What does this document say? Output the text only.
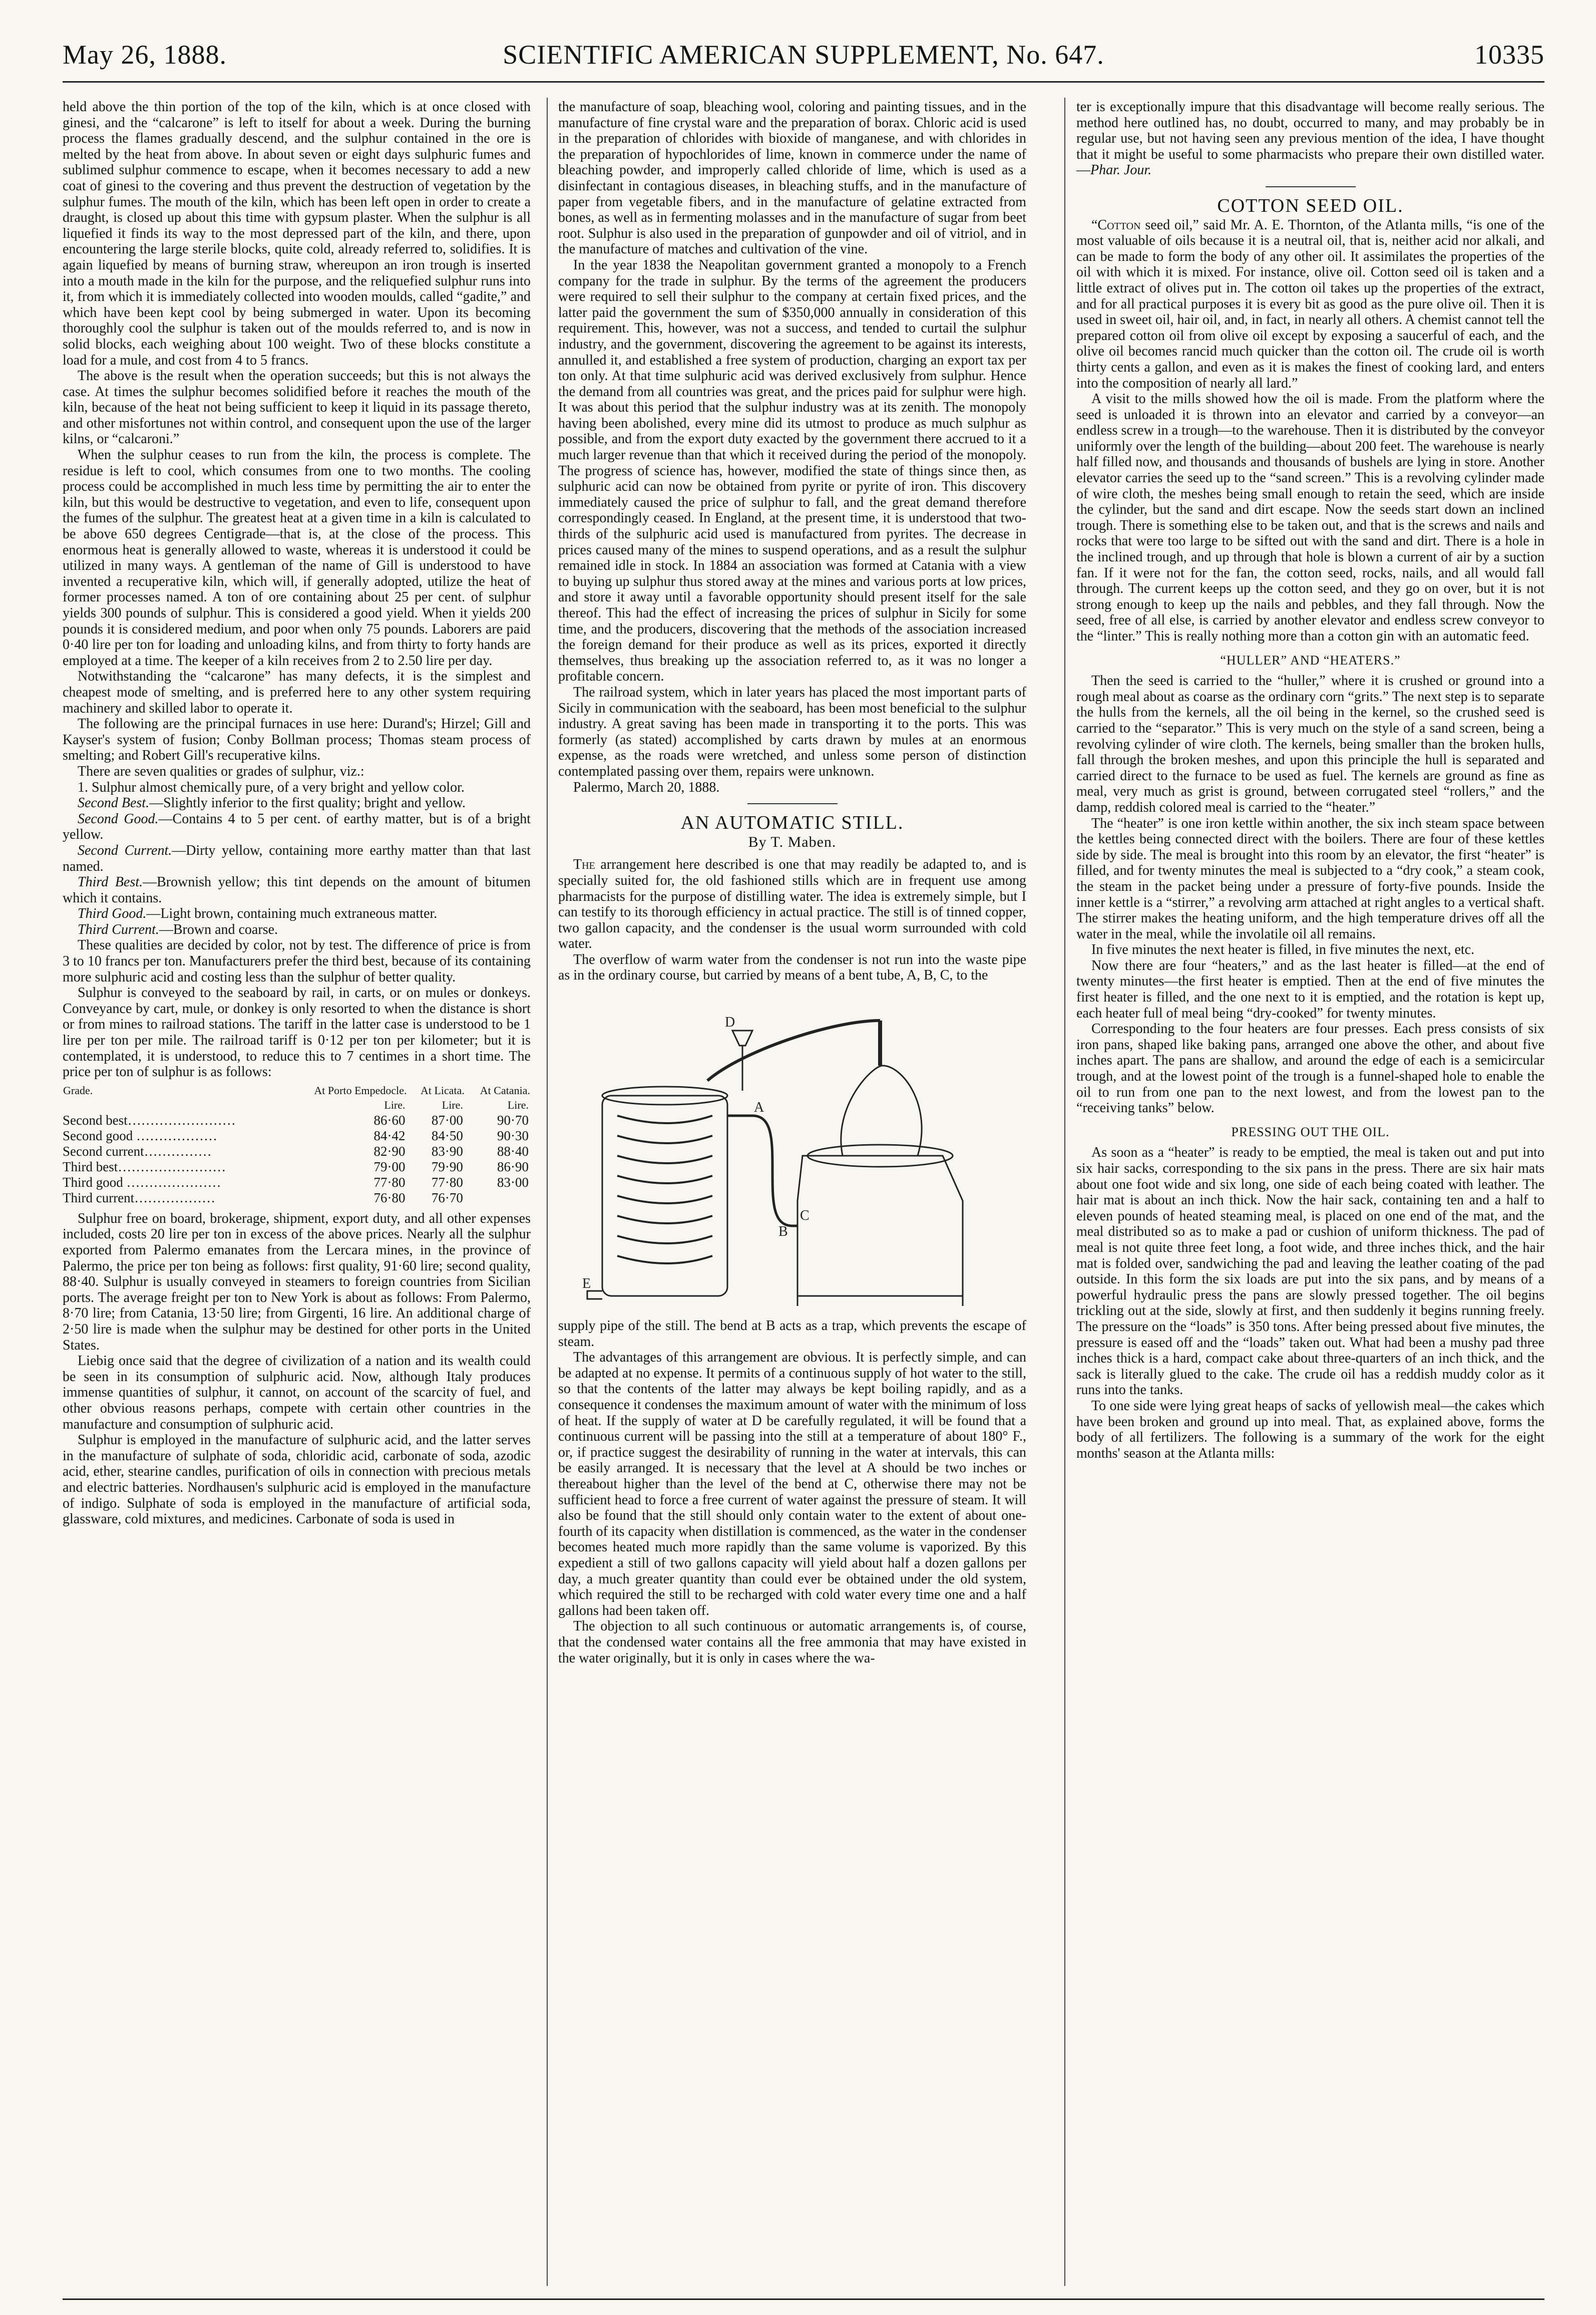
May 26, 1888.	SCIENTIFIC AMERICAN SUPPLEMENT, No. 647.	10335

held above the thin portion of the top of the kiln, which is at once closed with ginesi, and the “calcarone” is left to itself for about a week. During the burning process the flames gradually descend, and the sulphur contained in the ore is melted by the heat from above. In about seven or eight days sulphuric fumes and sublimed sulphur commence to escape, when it becomes necessary to add a new coat of ginesi to the covering and thus prevent the destruction of vegetation by the sulphur fumes. The mouth of the kiln, which has been left open in order to create a draught, is closed up about this time with gypsum plaster. When the sulphur is all liquefied it finds its way to the most depressed part of the kiln, and there, upon encountering the large sterile blocks, quite cold, already referred to, solidifies. It is again liquefied by means of burning straw, whereupon an iron trough is inserted into a mouth made in the kiln for the purpose, and the reliquefied sulphur runs into it, from which it is immediately collected into wooden moulds, called “gadite,” and which have been kept cool by being submerged in water. Upon its becoming thoroughly cool the sulphur is taken out of the moulds referred to, and is now in solid blocks, each weighing about 100 weight. Two of these blocks constitute a load for a mule, and cost from 4 to 5 francs.

The above is the result when the operation succeeds; but this is not always the case. At times the sulphur becomes solidified before it reaches the mouth of the kiln, because of the heat not being sufficient to keep it liquid in its passage thereto, and other misfortunes not within control, and consequent upon the use of the larger kilns, or “calcaroni.”

When the sulphur ceases to run from the kiln, the process is complete. The residue is left to cool, which consumes from one to two months. The cooling process could be accomplished in much less time by permitting the air to enter the kiln, but this would be destructive to vegetation, and even to life, consequent upon the fumes of the sulphur. The greatest heat at a given time in a kiln is calculated to be above 650 degrees Centigrade—that is, at the close of the process. This enormous heat is generally allowed to waste, whereas it is understood it could be utilized in many ways. A gentleman of the name of Gill is understood to have invented a recuperative kiln, which will, if generally adopted, utilize the heat of former processes named. A ton of ore containing about 25 per cent. of sulphur yields 300 pounds of sulphur. This is considered a good yield. When it yields 200 pounds it is considered medium, and poor when only 75 pounds. Laborers are paid 0·40 lire per ton for loading and unloading kilns, and from thirty to forty hands are employed at a time. The keeper of a kiln receives from 2 to 2.50 lire per day.

Notwithstanding the “calcarone” has many defects, it is the simplest and cheapest mode of smelting, and is preferred here to any other system requiring machinery and skilled labor to operate it.

The following are the principal furnaces in use here: Durand's; Hirzel; Gill and Kayser's system of fusion; Conby Bollman process; Thomas steam process of smelting; and Robert Gill's recuperative kilns.

There are seven qualities or grades of sulphur, viz.:

1. Sulphur almost chemically pure, of a very bright and yellow color.

Second Best.—Slightly inferior to the first quality; bright and yellow.

Second Good.—Contains 4 to 5 per cent. of earthy matter, but is of a bright yellow.

Second Current.—Dirty yellow, containing more earthy matter than that last named.

Third Best.—Brownish yellow; this tint depends on the amount of bitumen which it contains.

Third Good.—Light brown, containing much extraneous matter.

Third Current.—Brown and coarse.

These qualities are decided by color, not by test. The difference of price is from 3 to 10 francs per ton. Manufacturers prefer the third best, because of its containing more sulphuric acid and costing less than the sulphur of better quality.

Sulphur is conveyed to the seaboard by rail, in carts, or on mules or donkeys. Conveyance by cart, mule, or donkey is only resorted to when the distance is short or from mines to railroad stations. The tariff in the latter case is understood to be 1 lire per ton per mile. The railroad tariff is 0·12 per ton per kilometer; but it is contemplated, it is understood, to reduce this to 7 centimes in a short time. The price per ton of sulphur is as follows:

Grade.	At Porto Empedocle.	At Licata.	At Catania.
	Lire.	Lire.	Lire.
Second best……………………	86·60	87·00	90·70
Second good ………………	84·42	84·50	90·30
Second current……………	82·90	83·90	88·40
Third best……………………	79·00	79·90	86·90
Third good …………………	77·80	77·80	83·00
Third current………………	76·80	76·70	

Sulphur free on board, brokerage, shipment, export duty, and all other expenses included, costs 20 lire per ton in excess of the above prices. Nearly all the sulphur exported from Palermo emanates from the Lercara mines, in the province of Palermo, the price per ton being as follows: first quality, 91·60 lire; second quality, 88·40. Sulphur is usually conveyed in steamers to foreign countries from Sicilian ports. The average freight per ton to New York is about as follows: From Palermo, 8·70 lire; from Catania, 13·50 lire; from Girgenti, 16 lire. An additional charge of 2·50 lire is made when the sulphur may be destined for other ports in the United States.

Liebig once said that the degree of civilization of a nation and its wealth could be seen in its consumption of sulphuric acid. Now, although Italy produces immense quantities of sulphur, it cannot, on account of the scarcity of fuel, and other obvious reasons perhaps, compete with certain other countries in the manufacture and consumption of sulphuric acid.

Sulphur is employed in the manufacture of sulphuric acid, and the latter serves in the manufacture of sulphate of soda, chloridic acid, carbonate of soda, azodic acid, ether, stearine candles, purification of oils in connection with precious metals and electric batteries. Nordhausen's sulphuric acid is employed in the manufacture of indigo. Sulphate of soda is employed in the manufacture of artificial soda, glassware, cold mixtures, and medicines. Carbonate of soda is used in

the manufacture of soap, bleaching wool, coloring and painting tissues, and in the manufacture of fine crystal ware and the preparation of borax. Chloric acid is used in the preparation of chlorides with bioxide of manganese, and with chlorides in the preparation of hypochlorides of lime, known in commerce under the name of bleaching powder, and improperly called chloride of lime, which is used as a disinfectant in contagious diseases, in bleaching stuffs, and in the manufacture of paper from vegetable fibers, and in the manufacture of gelatine extracted from bones, as well as in fermenting molasses and in the manufacture of sugar from beet root. Sulphur is also used in the preparation of gunpowder and oil of vitriol, and in the manufacture of matches and cultivation of the vine.

In the year 1838 the Neapolitan government granted a monopoly to a French company for the trade in sulphur. By the terms of the agreement the producers were required to sell their sulphur to the company at certain fixed prices, and the latter paid the government the sum of $350,000 annually in consideration of this requirement. This, however, was not a success, and tended to curtail the sulphur industry, and the government, discovering the agreement to be against its interests, annulled it, and established a free system of production, charging an export tax per ton only. At that time sulphuric acid was derived exclusively from sulphur. Hence the demand from all countries was great, and the prices paid for sulphur were high. It was about this period that the sulphur industry was at its zenith. The monopoly having been abolished, every mine did its utmost to produce as much sulphur as possible, and from the export duty exacted by the government there accrued to it a much larger revenue than that which it received during the period of the monopoly. The progress of science has, however, modified the state of things since then, as sulphuric acid can now be obtained from pyrite or pyrite of iron. This discovery immediately caused the price of sulphur to fall, and the great demand therefore correspondingly ceased. In England, at the present time, it is understood that two-thirds of the sulphuric acid used is manufactured from pyrites. The decrease in prices caused many of the mines to suspend operations, and as a result the sulphur remained idle in stock. In 1884 an association was formed at Catania with a view to buying up sulphur thus stored away at the mines and various ports at low prices, and store it away until a favorable opportunity should present itself for the sale thereof. This had the effect of increasing the prices of sulphur in Sicily for some time, and the producers, discovering that the methods of the association increased the foreign demand for their produce as well as its prices, exported it directly themselves, thus breaking up the association referred to, as it was no longer a profitable concern.

The railroad system, which in later years has placed the most important parts of Sicily in communication with the seaboard, has been most beneficial to the sulphur industry. A great saving has been made in transporting it to the ports. This was formerly (as stated) accomplished by carts drawn by mules at an enormous expense, as the roads were wretched, and unless some person of distinction contemplated passing over them, repairs were unknown.

Palermo, March 20, 1888.

AN AUTOMATIC STILL.
By T. Maben.

The arrangement here described is one that may readily be adapted to, and is specially suited for, the old fashioned stills which are in frequent use among pharmacists for the purpose of distilling water. The idea is extremely simple, but I can testify to its thorough efficiency in actual practice. The still is of tinned copper, two gallon capacity, and the condenser is the usual worm surrounded with cold water.

The overflow of warm water from the condenser is not run into the waste pipe as in the ordinary course, but carried by means of a bent tube, A, B, C, to the

A
B
C
D
E

supply pipe of the still. The bend at B acts as a trap, which prevents the escape of steam.

The advantages of this arrangement are obvious. It is perfectly simple, and can be adapted at no expense. It permits of a continuous supply of hot water to the still, so that the contents of the latter may always be kept boiling rapidly, and as a consequence it condenses the maximum amount of water with the minimum of loss of heat. If the supply of water at D be carefully regulated, it will be found that a continuous current will be passing into the still at a temperature of about 180° F., or, if practice suggest the desirability of running in the water at intervals, this can be easily arranged. It is necessary that the level at A should be two inches or thereabout higher than the level of the bend at C, otherwise there may not be sufficient head to force a free current of water against the pressure of steam. It will also be found that the still should only contain water to the extent of about one-fourth of its capacity when distillation is commenced, as the water in the condenser becomes heated much more rapidly than the same volume is vaporized. By this expedient a still of two gallons capacity will yield about half a dozen gallons per day, a much greater quantity than could ever be obtained under the old system, which required the still to be recharged with cold water every time one and a half gallons had been taken off.

The objection to all such continuous or automatic arrangements is, of course, that the condensed water contains all the free ammonia that may have existed in the water originally, but it is only in cases where the wa-

ter is exceptionally impure that this disadvantage will become really serious. The method here outlined has, no doubt, occurred to many, and may probably be in regular use, but not having seen any previous mention of the idea, I have thought that it might be useful to some pharmacists who prepare their own distilled water.—Phar. Jour.

COTTON SEED OIL.

“Cotton seed oil,” said Mr. A. E. Thornton, of the Atlanta mills, “is one of the most valuable of oils because it is a neutral oil, that is, neither acid nor alkali, and can be made to form the body of any other oil. It assimilates the properties of the oil with which it is mixed. For instance, olive oil. Cotton seed oil is taken and a little extract of olives put in. The cotton oil takes up the properties of the extract, and for all practical purposes it is every bit as good as the pure olive oil. Then it is used in sweet oil, hair oil, and, in fact, in nearly all others. A chemist cannot tell the prepared cotton oil from olive oil except by exposing a saucerful of each, and the olive oil becomes rancid much quicker than the cotton oil. The crude oil is worth thirty cents a gallon, and even as it is makes the finest of cooking lard, and enters into the composition of nearly all lard.”

A visit to the mills showed how the oil is made. From the platform where the seed is unloaded it is thrown into an elevator and carried by a conveyor—an endless screw in a trough—to the warehouse. Then it is distributed by the conveyor uniformly over the length of the building—about 200 feet. The warehouse is nearly half filled now, and thousands and thousands of bushels are lying in store. Another elevator carries the seed up to the “sand screen.” This is a revolving cylinder made of wire cloth, the meshes being small enough to retain the seed, which are inside the cylinder, but the sand and dirt escape. Now the seeds start down an inclined trough. There is something else to be taken out, and that is the screws and nails and rocks that were too large to be sifted out with the sand and dirt. There is a hole in the inclined trough, and up through that hole is blown a current of air by a suction fan. If it were not for the fan, the cotton seed, rocks, nails, and all would fall through. The current keeps up the cotton seed, and they go on over, but it is not strong enough to keep up the nails and pebbles, and they fall through. Now the seed, free of all else, is carried by another elevator and endless screw conveyor to the “linter.” This is really nothing more than a cotton gin with an automatic feed.

“HULLER” AND “HEATERS.”

Then the seed is carried to the “huller,” where it is crushed or ground into a rough meal about as coarse as the ordinary corn “grits.” The next step is to separate the hulls from the kernels, all the oil being in the kernel, so the crushed seed is carried to the “separator.” This is very much on the style of a sand screen, being a revolving cylinder of wire cloth. The kernels, being smaller than the broken hulls, fall through the broken meshes, and upon this principle the hull is separated and carried direct to the furnace to be used as fuel. The kernels are ground as fine as meal, very much as grist is ground, between corrugated steel “rollers,” and the damp, reddish colored meal is carried to the “heater.”

The “heater” is one iron kettle within another, the six inch steam space between the kettles being connected direct with the boilers. There are four of these kettles side by side. The meal is brought into this room by an elevator, the first “heater” is filled, and for twenty minutes the meal is subjected to a “dry cook,” a steam cook, the steam in the packet being under a pressure of forty-five pounds. Inside the inner kettle is a “stirrer,” a revolving arm attached at right angles to a vertical shaft. The stirrer makes the heating uniform, and the high temperature drives off all the water in the meal, while the involatile oil all remains.

In five minutes the next heater is filled, in five minutes the next, etc.

Now there are four “heaters,” and as the last heater is filled—at the end of twenty minutes—the first heater is emptied. Then at the end of five minutes the first heater is filled, and the one next to it is emptied, and the rotation is kept up, each heater full of meal being “dry-cooked” for twenty minutes.

Corresponding to the four heaters are four presses. Each press consists of six iron pans, shaped like baking pans, arranged one above the other, and about five inches apart. The pans are shallow, and around the edge of each is a semicircular trough, and at the lowest point of the trough is a funnel-shaped hole to enable the oil to run from one pan to the next lowest, and from the lowest pan to the “receiving tanks” below.

PRESSING OUT THE OIL.

As soon as a “heater” is ready to be emptied, the meal is taken out and put into six hair sacks, corresponding to the six pans in the press. There are six hair mats about one foot wide and six long, one side of each being coated with leather. The hair mat is about an inch thick. Now the hair sack, containing ten and a half to eleven pounds of heated steaming meal, is placed on one end of the mat, and the meal distributed so as to make a pad or cushion of uniform thickness. The pad of meal is not quite three feet long, a foot wide, and three inches thick, and the hair mat is folded over, sandwiching the pad and leaving the leather coating of the pad outside. In this form the six loads are put into the six pans, and by means of a powerful hydraulic press the pans are slowly pressed together. The oil begins trickling out at the side, slowly at first, and then suddenly it begins running freely. The pressure on the “loads” is 350 tons. After being pressed about five minutes, the pressure is eased off and the “loads” taken out. What had been a mushy pad three inches thick is a hard, compact cake about three-quarters of an inch thick, and the sack is literally glued to the cake. The crude oil has a reddish muddy color as it runs into the tanks.

To one side were lying great heaps of sacks of yellowish meal—the cakes which have been broken and ground up into meal. That, as explained above, forms the body of all fertilizers. The following is a summary of the work for the eight months' season at the Atlanta mills:
